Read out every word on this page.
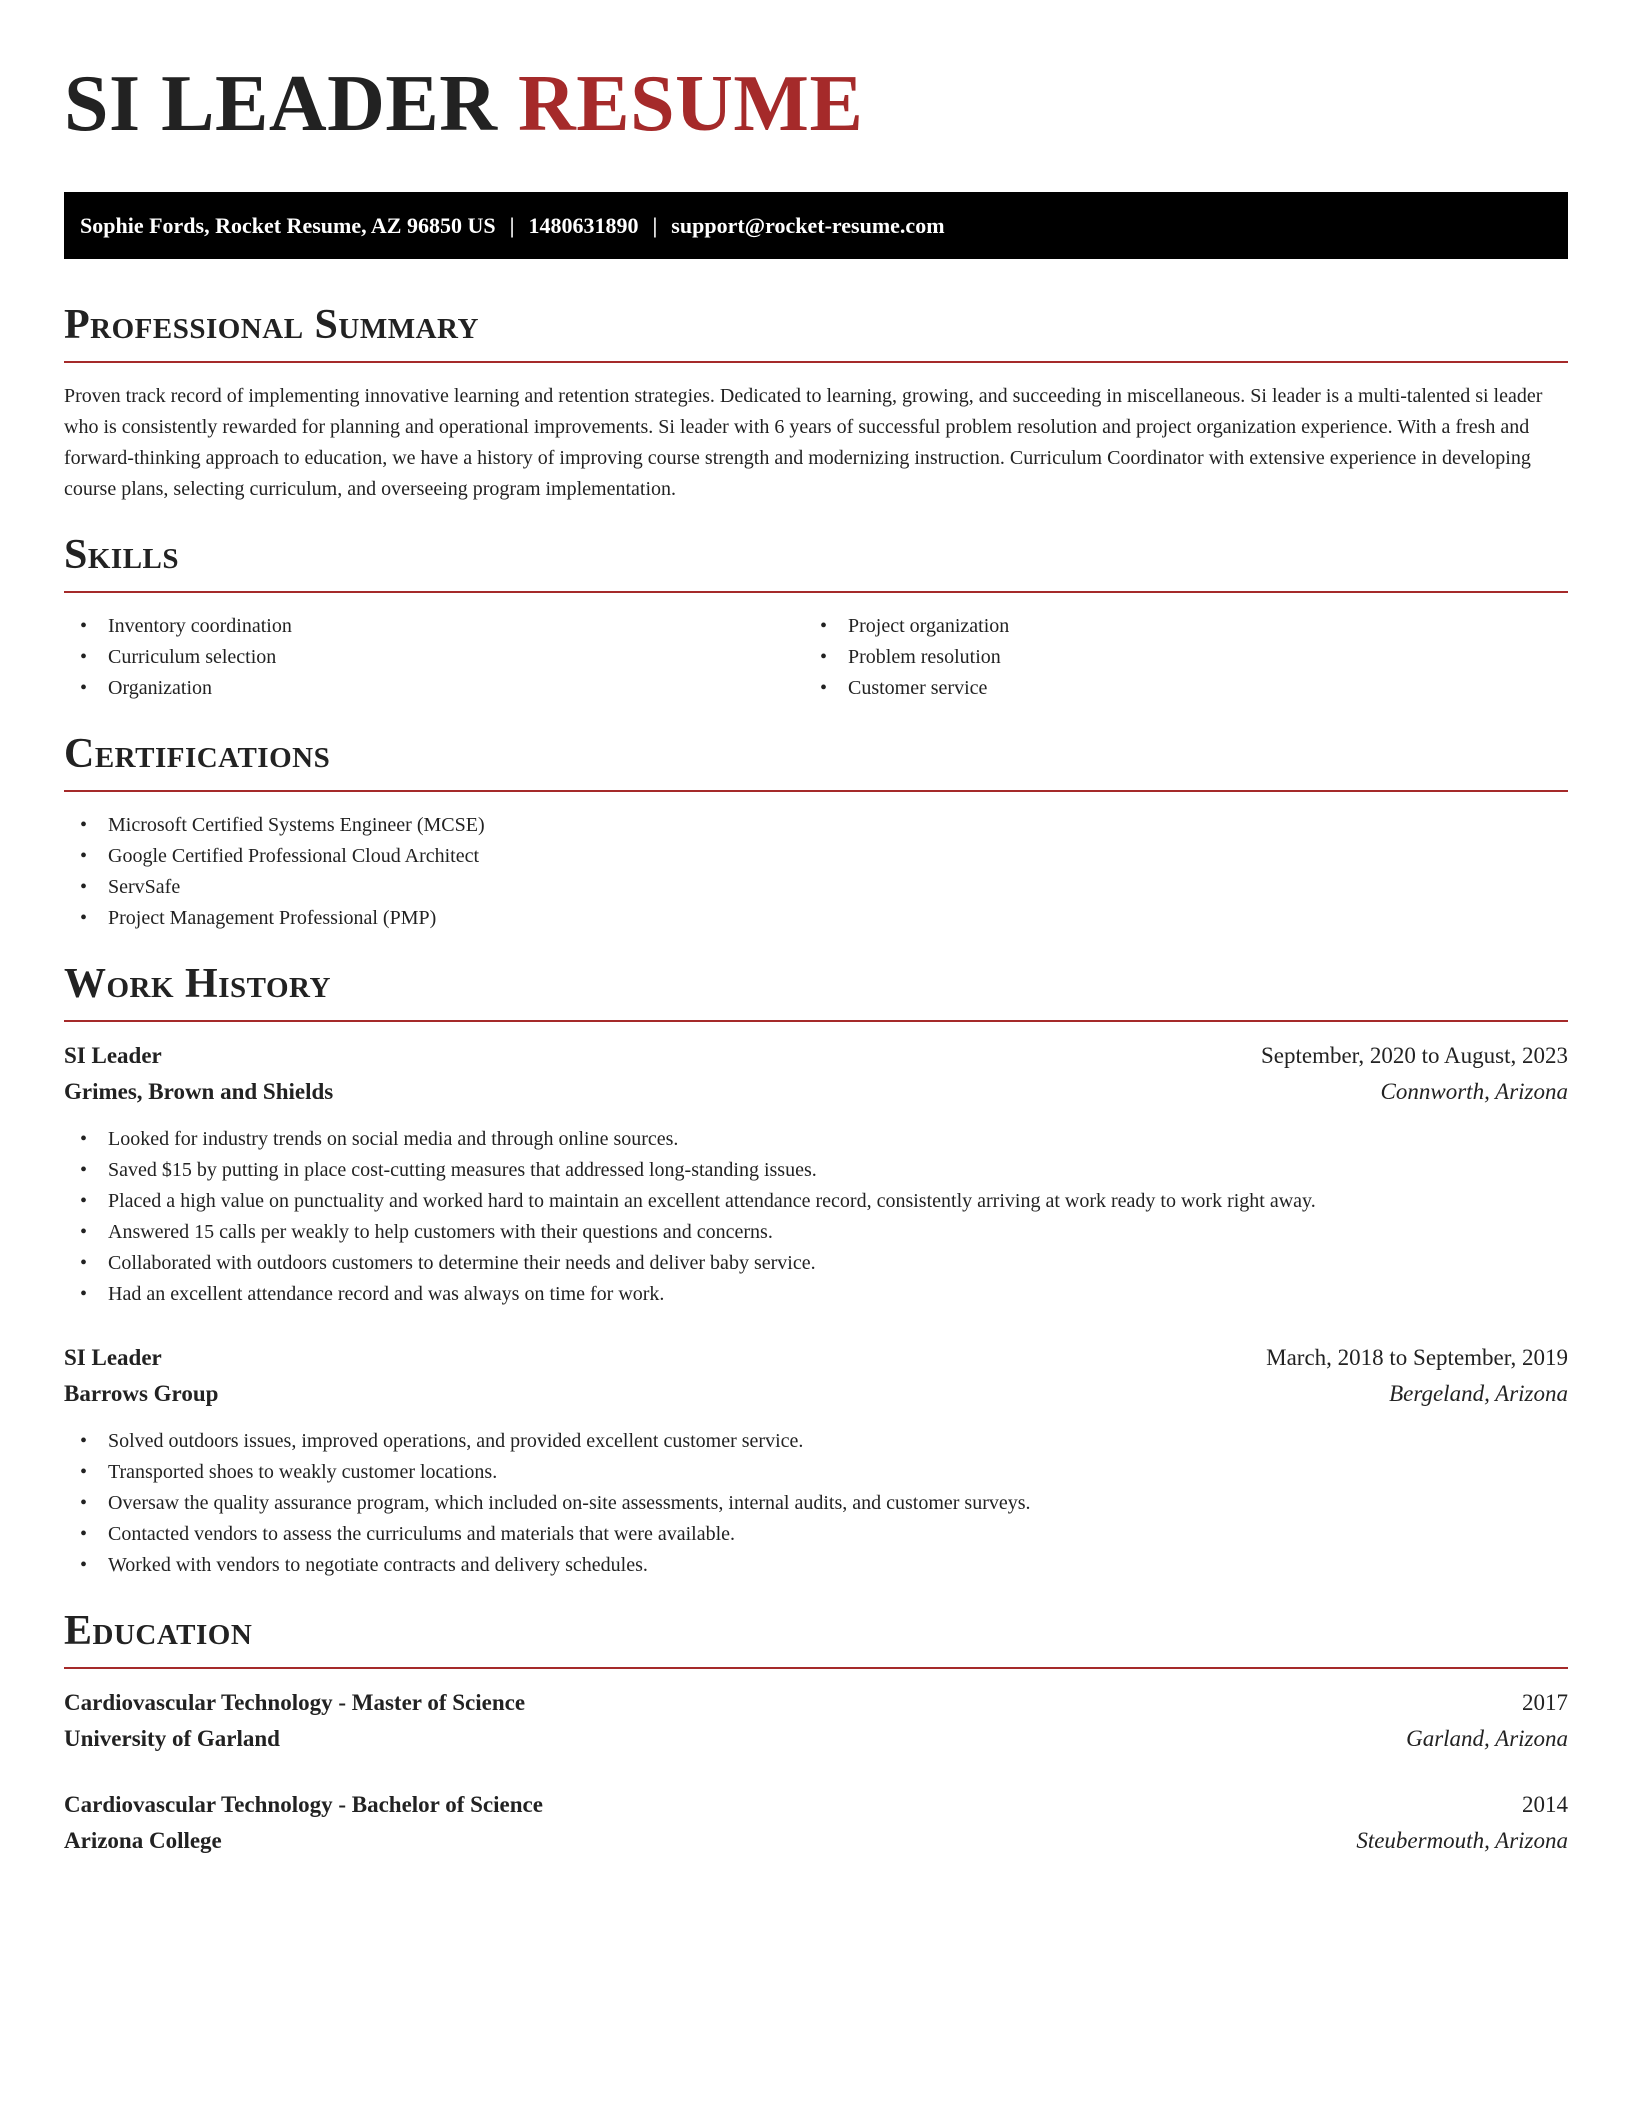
SI LEADER RESUME
Sophie Fords, Rocket Resume, AZ 96850 US | 1480631890 | support@rocket-resume.com
Professional Summary

Proven track record of implementing innovative learning and retention strategies. Dedicated to learning, growing, and succeeding in miscellaneous. Si leader is a multi-talented si leader who is consistently rewarded for planning and operational improvements. Si leader with 6 years of successful problem resolution and project organization experience. With a fresh and forward-thinking approach to education, we have a history of improving course strength and modernizing instruction. Curriculum Coordinator with extensive experience in developing course plans, selecting curriculum, and overseeing program implementation.

Skills
• Inventory coordination
• Curriculum selection
• Organization
• Project organization
• Problem resolution
• Customer service
Certifications
• Microsoft Certified Systems Engineer (MCSE)
• Google Certified Professional Cloud Architect
• ServSafe
• Project Management Professional (PMP)
Work History
SI Leader	September, 2020 to August, 2023
Grimes, Brown and Shields	Connworth, Arizona
• Looked for industry trends on social media and through online sources.
• Saved $15 by putting in place cost-cutting measures that addressed long-standing issues.
• Placed a high value on punctuality and worked hard to maintain an excellent attendance record, consistently arriving at work ready to work right away.
• Answered 15 calls per weakly to help customers with their questions and concerns.
• Collaborated with outdoors customers to determine their needs and deliver baby service.
• Had an excellent attendance record and was always on time for work.
SI Leader	March, 2018 to September, 2019
Barrows Group	Bergeland, Arizona
• Solved outdoors issues, improved operations, and provided excellent customer service.
• Transported shoes to weakly customer locations.
• Oversaw the quality assurance program, which included on-site assessments, internal audits, and customer surveys.
• Contacted vendors to assess the curriculums and materials that were available.
• Worked with vendors to negotiate contracts and delivery schedules.
Education
Cardiovascular Technology - Master of Science	2017
University of Garland	Garland, Arizona
Cardiovascular Technology - Bachelor of Science	2014
Arizona College	Steubermouth, Arizona
